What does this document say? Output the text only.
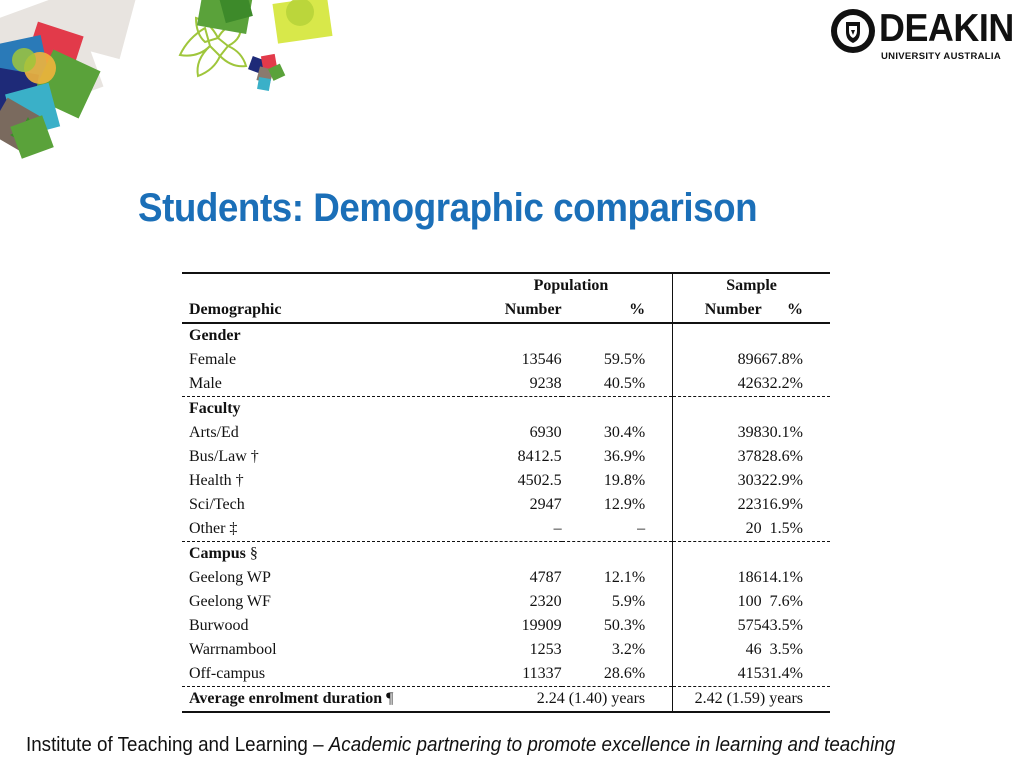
DEAKIN
UNIVERSITY AUSTRALIA
Students: Demographic comparison
	Population		Sample	
Demographic	Number	%	Number	%
Gender				
Female	13546	59.5%	896	67.8%
Male	9238	40.5%	426	32.2%
Faculty				
Arts/Ed	6930	30.4%	398	30.1%
Bus/Law †	8412.5	36.9%	378	28.6%
Health †	4502.5	19.8%	303	22.9%
Sci/Tech	2947	12.9%	223	16.9%
Other ‡	–	–	20	1.5%
Campus §				
Geelong WP	4787	12.1%	186	14.1%
Geelong WF	2320	5.9%	100	7.6%
Burwood	19909	50.3%	575	43.5%
Warrnambool	1253	3.2%	46	3.5%
Off-campus	11337	28.6%	415	31.4%
Average enrolment duration ¶	2.24 (1.40) years		2.42 (1.59) years	
Institute of Teaching and Learning – Academic partnering to promote excellence in learning and teaching
